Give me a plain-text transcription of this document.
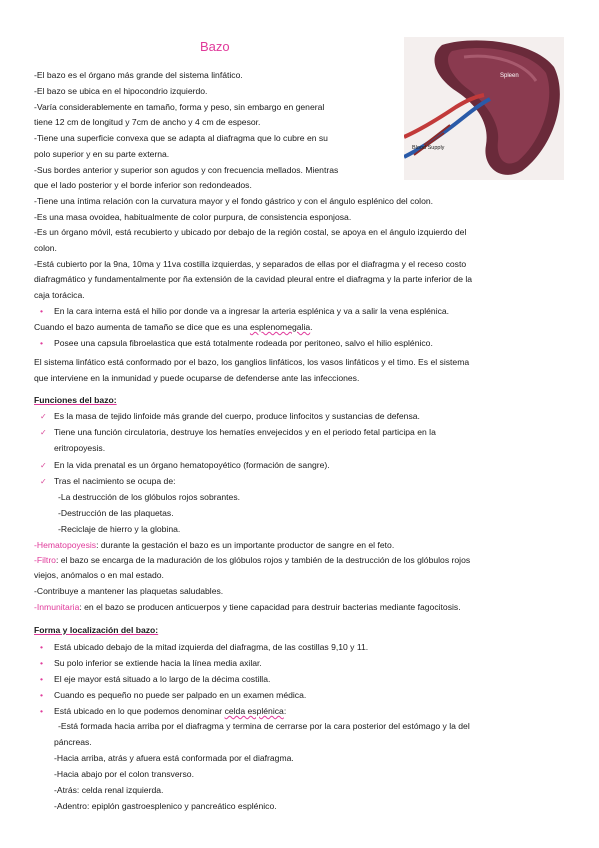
Bazo
Spleen
Blood Supply
-El bazo es el órgano más grande del sistema linfático.
-El bazo se ubica en el hipocondrio izquierdo.
-Varía considerablemente en tamaño, forma y peso, sin embargo en general
tiene 12 cm de longitud y 7cm de ancho y 4 cm de espesor.
-Tiene una superficie convexa que se adapta al diafragma que lo cubre en su
polo superior y en su parte externa.
-Sus bordes anterior y superior son agudos y con frecuencia mellados. Mientras
que el lado posterior y el borde inferior son redondeados.
-Tiene una íntima relación con la curvatura mayor y el fondo gástrico y con el ángulo esplénico del colon.
-Es una masa ovoidea, habitualmente de color purpura, de consistencia esponjosa.
-Es un órgano móvil, está recubierto y ubicado por debajo de la región costal, se apoya en el ángulo izquierdo del
colon.
-Está cubierto por la 9na, 10ma y 11va costilla izquierdas, y separados de ellas por el diafragma y el receso costo
diafragmático y fundamentalmente por ña extensión de la cavidad pleural entre el diafragma y la parte inferior de la
caja torácica.
• En la cara interna está el hilio por donde va a ingresar la arteria esplénica y va a salir la vena esplénica.
Cuando el bazo aumenta de tamaño se dice que es una esplenomegalia.
• Posee una capsula fibroelastica que está totalmente rodeada por peritoneo, salvo el hilio esplénico.
El sistema linfático está conformado por el bazo, los ganglios linfáticos, los vasos linfáticos y el timo. Es el sistema
que interviene en la inmunidad y puede ocuparse de defenderse ante las infecciones.
Funciones del bazo:
✓ Es la masa de tejido linfoide más grande del cuerpo, produce linfocitos y sustancias de defensa.
✓ Tiene una función circulatoria, destruye los hematíes envejecidos y en el periodo fetal participa en la
eritropoyesis.
✓ En la vida prenatal es un órgano hematopoyético (formación de sangre).
✓ Tras el nacimiento se ocupa de:
-La destrucción de los glóbulos rojos sobrantes.
-Destrucción de las plaquetas.
-Reciclaje de hierro y la globina.
-Hematopoyesis: durante la gestación el bazo es un importante productor de sangre en el feto.
-Filtro: el bazo se encarga de la maduración de los glóbulos rojos y también de la destrucción de los glóbulos rojos
viejos, anómalos o en mal estado.
-Contribuye a mantener las plaquetas saludables.
-Inmunitaria: en el bazo se producen anticuerpos y tiene capacidad para destruir bacterias mediante fagocitosis.
Forma y localización del bazo:
• Está ubicado debajo de la mitad izquierda del diafragma, de las costillas 9,10 y 11.
• Su polo inferior se extiende hacia la línea media axilar.
• El eje mayor está situado a lo largo de la décima costilla.
• Cuando es pequeño no puede ser palpado en un examen médica.
• Está ubicado en lo que podemos denominar celda esplénica:
-Está formada hacia arriba por el diafragma y termina de cerrarse por la cara posterior del estómago y la del
páncreas.
-Hacia arriba, atrás y afuera está conformada por el diafragma.
-Hacia abajo por el colon transverso.
-Atrás: celda renal izquierda.
-Adentro: epiplón gastroesplenico y pancreático esplénico.
